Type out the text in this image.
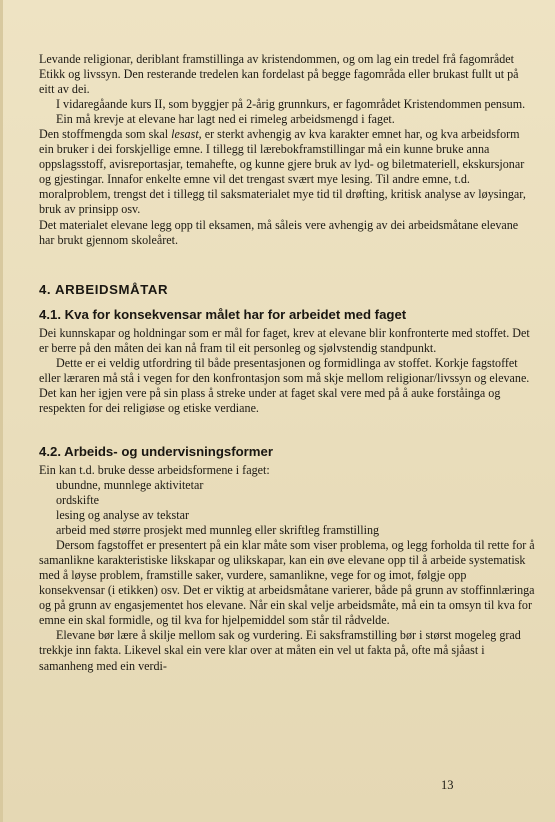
Levande religionar, deriblant framstillinga av kristendommen, og om lag ein tredel frå fagområdet Etikk og livssyn. Den resterande tredelen kan fordelast på begge fagområda eller brukast fullt ut på eitt av dei.

I vidaregåande kurs II, som byggjer på 2-årig grunnkurs, er fagområdet Kristendommen pensum.

Ein må krevje at elevane har lagt ned ei rimeleg arbeidsmengd i faget.

Den stoffmengda som skal lesast, er sterkt avhengig av kva karakter emnet har, og kva arbeidsform ein bruker i dei forskjellige emne. I tillegg til lærebokframstillingar må ein kunne bruke anna oppslagsstoff, avisreportasjar, temahefte, og kunne gjere bruk av lyd- og biletmateriell, ekskursjonar og gjestingar. Innafor enkelte emne vil det trengast svært mye lesing. Til andre emne, t.d. moralproblem, trengst det i tillegg til saksmaterialet mye tid til drøfting, kritisk analyse av løysingar, bruk av prinsipp osv.

Det materialet elevane legg opp til eksamen, må såleis vere avhengig av dei arbeidsmåtane elevane har brukt gjennom skoleåret.

4. ARBEIDSMÅTAR
4.1. Kva for konsekvensar målet har for arbeidet med faget

Dei kunnskapar og holdningar som er mål for faget, krev at elevane blir konfronterte med stoffet. Det er berre på den måten dei kan nå fram til eit personleg og sjølvstendig standpunkt.

Dette er ei veldig utfordring til både presentasjonen og formidlinga av stoffet. Korkje fagstoffet eller læraren må stå i vegen for den konfrontasjon som må skje mellom religionar/livssyn og elevane. Det kan her igjen vere på sin plass å streke under at faget skal vere med på å auke forståinga og respekten for dei religiøse og etiske verdiane.

4.2. Arbeids- og undervisningsformer

Ein kan t.d. bruke desse arbeidsformene i faget:

ubundne, munnlege aktivitetar

ordskifte

lesing og analyse av tekstar

arbeid med større prosjekt med munnleg eller skriftleg framstilling

Dersom fagstoffet er presentert på ein klar måte som viser problema, og legg forholda til rette for å samanlikne karakteristiske likskapar og ulikskapar, kan ein øve elevane opp til å arbeide systematisk med å løyse problem, framstille saker, vurdere, samanlikne, vege for og imot, følgje opp konsekvensar (i etikken) osv. Det er viktig at arbeidsmåtane varierer, både på grunn av stoffinnlæringa og på grunn av engasjementet hos elevane. Når ein skal velje arbeidsmåte, må ein ta omsyn til kva for emne ein skal formidle, og til kva for hjelpemiddel som står til rådvelde.

Elevane bør lære å skilje mellom sak og vurdering. Ei saksframstilling bør i størst mogeleg grad trekkje inn fakta. Likevel skal ein vere klar over at måten ein vel ut fakta på, ofte må sjåast i samanheng med ein verdi-

13
